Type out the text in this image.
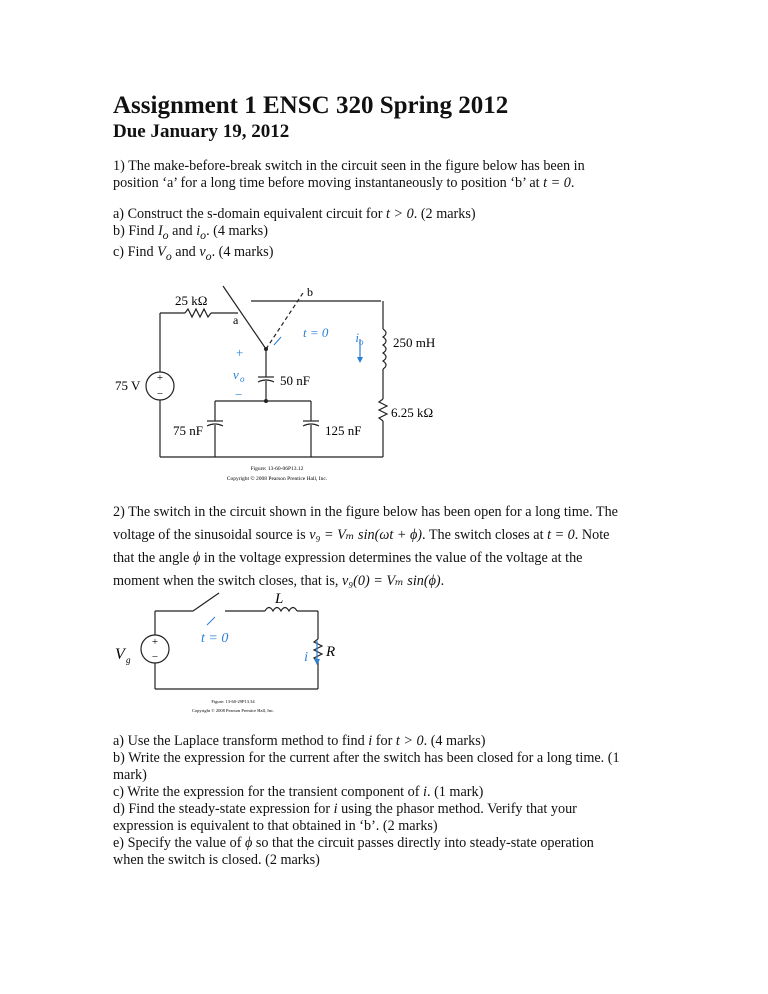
Assignment 1 ENSC 320 Spring 2012
Due January 19, 2012

1) The make-before-break switch in the circuit seen in the figure below has been in

position ‘a’ for a long time before moving instantaneously to position ‘b’ at t = 0.

a) Construct the s-domain equivalent circuit for t > 0. (2 marks)

b) Find $I_o$ and $i_o$. (4 marks)

c) Find $V_o$ and $v_o$. (4 marks)

+
−
25 kΩ
a
b
t = 0 i o 250 mH
+
v o
−
50 nF
75 V
6.25 kΩ
75 nF	125 nF
Figure: 13-60-06P13.12
Copyright © 2008 Pearson Prentice Hall, Inc.

2) The switch in the circuit shown in the figure below has been open for a long time. The

voltage of the sinusoidal source is v₉ = Vₘ sin(ωt + ϕ). The switch closes at t = 0. Note

that the angle ϕ in the voltage expression determines the value of the voltage at the

moment when the switch closes, that is, v₉(0) = Vₘ sin(ϕ).

+
−
L
t = 0
V g	i R
Figure: 13-60-29P13.34
Copyright © 2008 Pearson Prentice Hall, Inc.

a) Use the Laplace transform method to find i for t > 0. (4 marks)

b) Write the expression for the current after the switch has been closed for a long time. (1

mark)

c) Write the expression for the transient component of i. (1 mark)

d) Find the steady-state expression for i using the phasor method. Verify that your

expression is equivalent to that obtained in ‘b’. (2 marks)

e) Specify the value of ϕ so that the circuit passes directly into steady-state operation

when the switch is closed. (2 marks)
